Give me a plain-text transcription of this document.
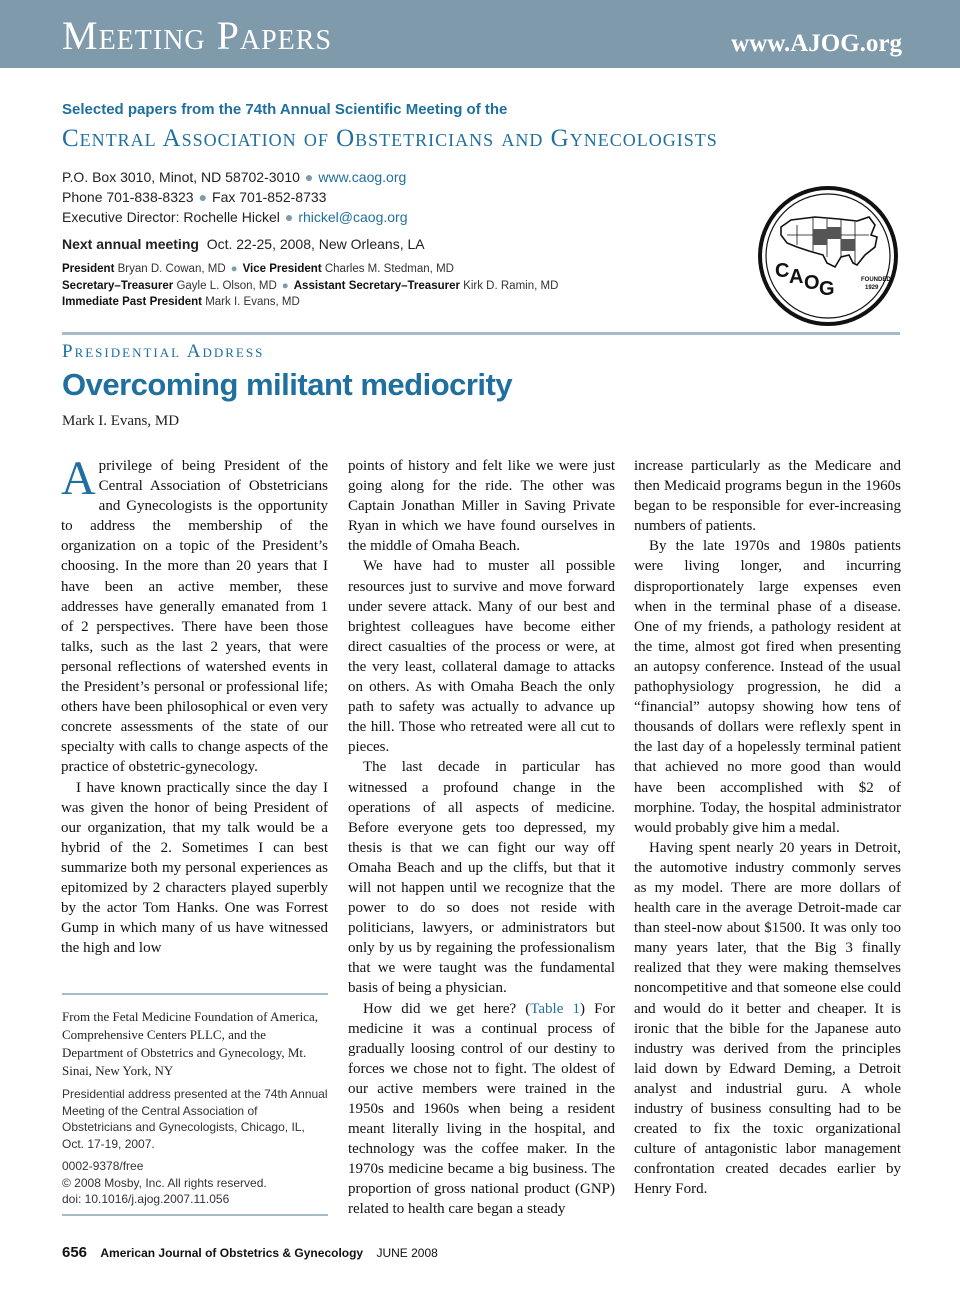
Meeting Papers	www.AJOG.org
Selected papers from the 74th Annual Scientific Meeting of the
Central Association of Obstetricians and Gynecologists
P.O. Box 3010, Minot, ND 58702-3010 ● www.caog.org
Phone 701-838-8323 ● Fax 701-852-8733
Executive Director: Rochelle Hickel ● rhickel@caog.org
Next annual meeting Oct. 22-25, 2008, New Orleans, LA
President Bryan D. Cowan, MD ● Vice President Charles M. Stedman, MD
Secretary–Treasurer Gayle L. Olson, MD ● Assistant Secretary–Treasurer Kirk D. Ramin, MD
Immediate Past President Mark I. Evans, MD
C A O G	FOUNDED
1929
Presidential Address
Overcoming militant mediocrity
Mark I. Evans, MD

A privilege of being President of the Central Association of Obstetricians and Gynecologists is the opportunity to address the membership of the organization on a topic of the President’s choosing. In the more than 20 years that I have been an active member, these addresses have generally emanated from 1 of 2 perspectives. There have been those talks, such as the last 2 years, that were personal reflections of watershed events in the President’s personal or professional life; others have been philosophical or even very concrete assessments of the state of our specialty with calls to change aspects of the practice of obstetric-gynecology.

I have known practically since the day I was given the honor of being President of our organization, that my talk would be a hybrid of the 2. Sometimes I can best summarize both my personal experiences as epitomized by 2 characters played superbly by the actor Tom Hanks. One was Forrest Gump in which many of us have witnessed the high and low

points of history and felt like we were just going along for the ride. The other was Captain Jonathan Miller in Saving Private Ryan in which we have found ourselves in the middle of Omaha Beach.

We have had to muster all possible resources just to survive and move forward under severe attack. Many of our best and brightest colleagues have become either direct casualties of the process or were, at the very least, collateral damage to attacks on others. As with Omaha Beach the only path to safety was actually to advance up the hill. Those who retreated were all cut to pieces.

The last decade in particular has witnessed a profound change in the operations of all aspects of medicine. Before everyone gets too depressed, my thesis is that we can fight our way off Omaha Beach and up the cliffs, but that it will not happen until we recognize that the power to do so does not reside with politicians, lawyers, or administrators but only by us by regaining the professionalism that we were taught was the fundamental basis of being a physician.

How did we get here? (Table 1) For medicine it was a continual process of gradually loosing control of our destiny to forces we chose not to fight. The oldest of our active members were trained in the 1950s and 1960s when being a resident meant literally living in the hospital, and technology was the coffee maker. In the 1970s medicine became a big business. The proportion of gross national product (GNP) related to health care began a steady

increase particularly as the Medicare and then Medicaid programs begun in the 1960s began to be responsible for ever-increasing numbers of patients.

By the late 1970s and 1980s patients were living longer, and incurring disproportionately large expenses even when in the terminal phase of a disease. One of my friends, a pathology resident at the time, almost got fired when presenting an autopsy conference. Instead of the usual pathophysiology progression, he did a “financial” autopsy showing how tens of thousands of dollars were reflexly spent in the last day of a hopelessly terminal patient that achieved no more good than would have been accomplished with $2 of morphine. Today, the hospital administrator would probably give him a medal.

Having spent nearly 20 years in Detroit, the automotive industry commonly serves as my model. There are more dollars of health care in the average Detroit-made car than steel-now about $1500. It was only too many years later, that the Big 3 finally realized that they were making themselves noncompetitive and that someone else could and would do it better and cheaper. It is ironic that the bible for the Japanese auto industry was derived from the principles laid down by Edward Deming, a Detroit analyst and industrial guru. A whole industry of business consulting had to be created to fix the toxic organizational culture of antagonistic labor management confrontation created decades earlier by Henry Ford.

From the Fetal Medicine Foundation of America, Comprehensive Centers PLLC, and the Department of Obstetrics and Gynecology, Mt. Sinai, New York, NY
Presidential address presented at the 74th Annual Meeting of the Central Association of Obstetricians and Gynecologists, Chicago, IL, Oct. 17-19, 2007.
0002-9378/free
© 2008 Mosby, Inc. All rights reserved.
doi: 10.1016/j.ajog.2007.11.056
656 American Journal of Obstetrics & Gynecology JUNE 2008
